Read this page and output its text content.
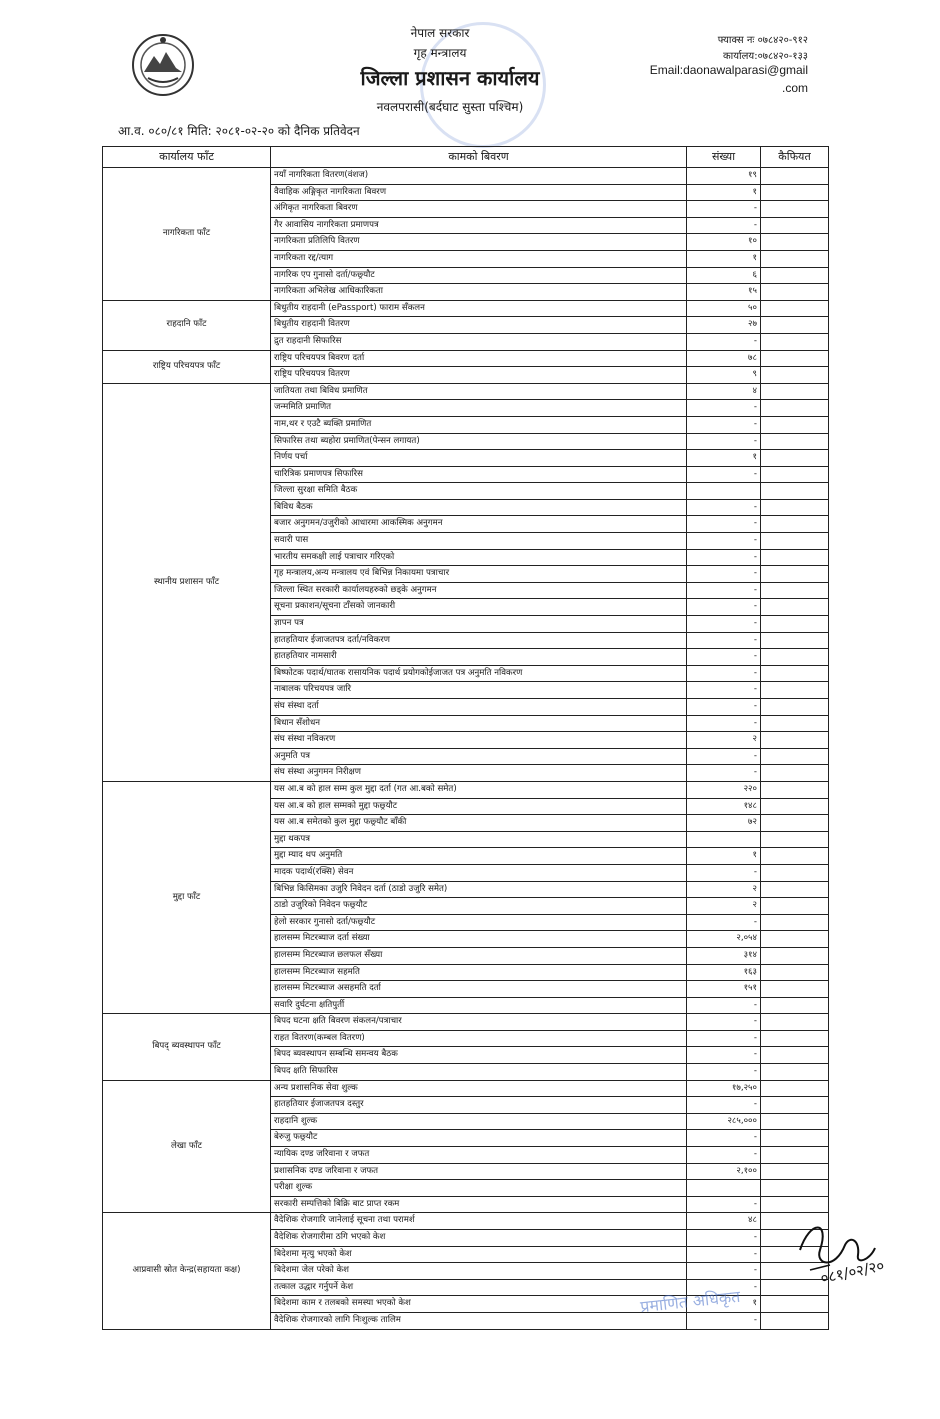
नेपाल सरकार
गृह मन्त्रालय
जिल्ला प्रशासन कार्यालय
नवलपरासी(बर्दघाट सुस्ता पश्चिम)
फ्याक्स नः ०७८४२०-९१२
कार्यालय:०७८४२०-१३३
Email:daonawalparasi@gmail
.com
आ.व. ०८०/८१ मिति: २०८१-०२-२० को दैनिक प्रतिवेदन
कार्यालय फाँट	कामको बिवरण	संख्या	कैफियत
नागरिकता फाँट	नयाँ नागरिकता वितरण(वंशज)	१९	
	वैवाहिक अङ्गिकृत नागरिकता बिवरण	१	
	अंगिकृत नागरिकता बिवरण	-	
	गैर आवासिय नागरिकता प्रमाणपत्र	-	
	नागरिकता प्रतिलिपि वितरण	१०	
	नागरिकता रद्द/त्याग	१	
	नागरिक एप गुनासो दर्ता/फछ्र्यौट	६	
	नागरिकता अभिलेख आधिकारिकता	१५	
राहदानि फाँट	बिधुतीय राहदानी (ePassport) फाराम सँकलन	५०	
	बिधुतीय राहदानी वितरण	२७	
	द्रुत राहदानी सिफारिस	-	
राष्ट्रिय परिचयपत्र फाँट	राष्ट्रिय परिचयपत्र बिवरण दर्ता	७८	
	राष्ट्रिय परिचयपत्र वितरण	९	
स्थानीय प्रशासन फाँट	जातियता तथा बिविध प्रमाणित	४	
	जन्ममिति प्रमाणित	-	
	नाम,थर र एउटै ब्यक्ति प्रमाणित	-	
	सिफारिस तथा ब्यहोरा प्रमाणित(पेन्सन लगायत)	-	
	निर्णय पर्चा	१	
	चारित्रिक प्रमाणपत्र सिफारिस	-	
	जिल्ला सुरक्षा समिति बैठक		
	बिविध बैठक	-	
	बजार अनुगमन/उजुरीको आधारमा आकस्मिक अनुगमन	-	
	सवारी पास	-	
	भारतीय समकक्षी लाई पत्राचार गरिएको	-	
	गृह मन्त्रालय,अन्य मन्त्रालय एवं बिभिन्न निकायमा पत्राचार	-	
	जिल्ला स्थित सरकारी कार्यालयहरुको छड्के अनुगमन	-	
	सूचना प्रकाशन/सूचना टाँसको जानकारी	-	
	ज्ञापन पत्र	-	
	हातहतियार ईजाजतपत्र दर्ता/नविकरण	-	
	हातहतियार नामसारी	-	
	बिष्फोटक पदार्थ/घातक रासायनिक पदार्थ प्रयोगकोईजाजत पत्र अनुमति नविकरण	-	
	नाबालक परिचयपत्र जारि	-	
	संघ संस्था दर्ता	-	
	बिधान सँशोधन	-	
	संघ संस्था नविकरण	२	
	अनुमति पत्र	-	
	संघ संस्था अनुगमन निरीक्षण	-	
मुद्दा फाँट	यस आ.ब को हाल सम्म कुल मुद्दा दर्ता (गत आ.बको समेत)	२२०	
	यस आ.ब को हाल सम्मको मुद्दा फछ्र्यौट	१४८	
	यस आ.ब समेतको कुल मुद्दा फछ्र्यौट बाँकी	७२	
	मुद्दा थकपत्र		
	मुद्दा म्याद थप अनुमति	१	
	मादक पदार्थ(रक्सि) सेवन	-	
	बिभिन्न किसिमका उजुरि निवेदन दर्ता (ठाडो उजुरि समेत)	२	
	ठाडो उजुरिको निवेदन फछ्र्यौट	२	
	हेलो सरकार गुनासो दर्ता/फछ्र्यौट	-	
	हालसम्म मिटरब्याज दर्ता संख्या	२,०५४	
	हालसम्म मिटरब्याज छलफल सँख्या	३१४	
	हालसम्म मिटरब्याज सहमति	१६३	
	हालसम्म मिटरब्याज असहमति दर्ता	१५१	
	सवारि दुर्घटना क्षतिपुर्ती	-	
बिपद् ब्यवस्थापन फाँट	बिपद घटना क्षति बिवरण संकलन/पत्राचार	-	
	राहत वितरण(कम्बल वितरण)	-	
	बिपद ब्यवस्थापन सम्बन्धि समन्वय बैठक	-	
	बिपद क्षति सिफारिस	-	
लेखा फाँट	अन्य प्रशासनिक सेवा शुल्क	१७,२५०	
	हातहतियार ईजाजतपत्र दस्तुर	-	
	राहदानि शुल्क	२८५,०००	
	बेरुजु फछ्र्यौट	-	
	न्यायिक दण्ड जरिवाना र जफत	-	
	प्रशासनिक दण्ड जरिवाना र जफत	२,१००	
	परीक्षा शुल्क		
	सरकारी सम्पत्तिको बिक्रि बाट प्राप्त रकम	-	
आप्रवासी स्रोत केन्द्र(सहायता कक्ष)	वैदेशिक रोजगारि जानेलाई सूचना तथा परामर्श	४८	
	वैदेशिक रोजगारीमा ठगि भएको केश	-	
	बिदेशमा मृत्यु भएको केश	-	
	बिदेशमा जेल परेको केश	-	
	तत्काल उद्धार गर्नुपर्ने केश	-	
	बिदेशमा काम र तलबको समस्या भएको केश	१	
	वैदेशिक रोजगारको लागि निःशुल्क तालिम	-	
प्रमाणित अधिकृत
०८१/०२/२०
